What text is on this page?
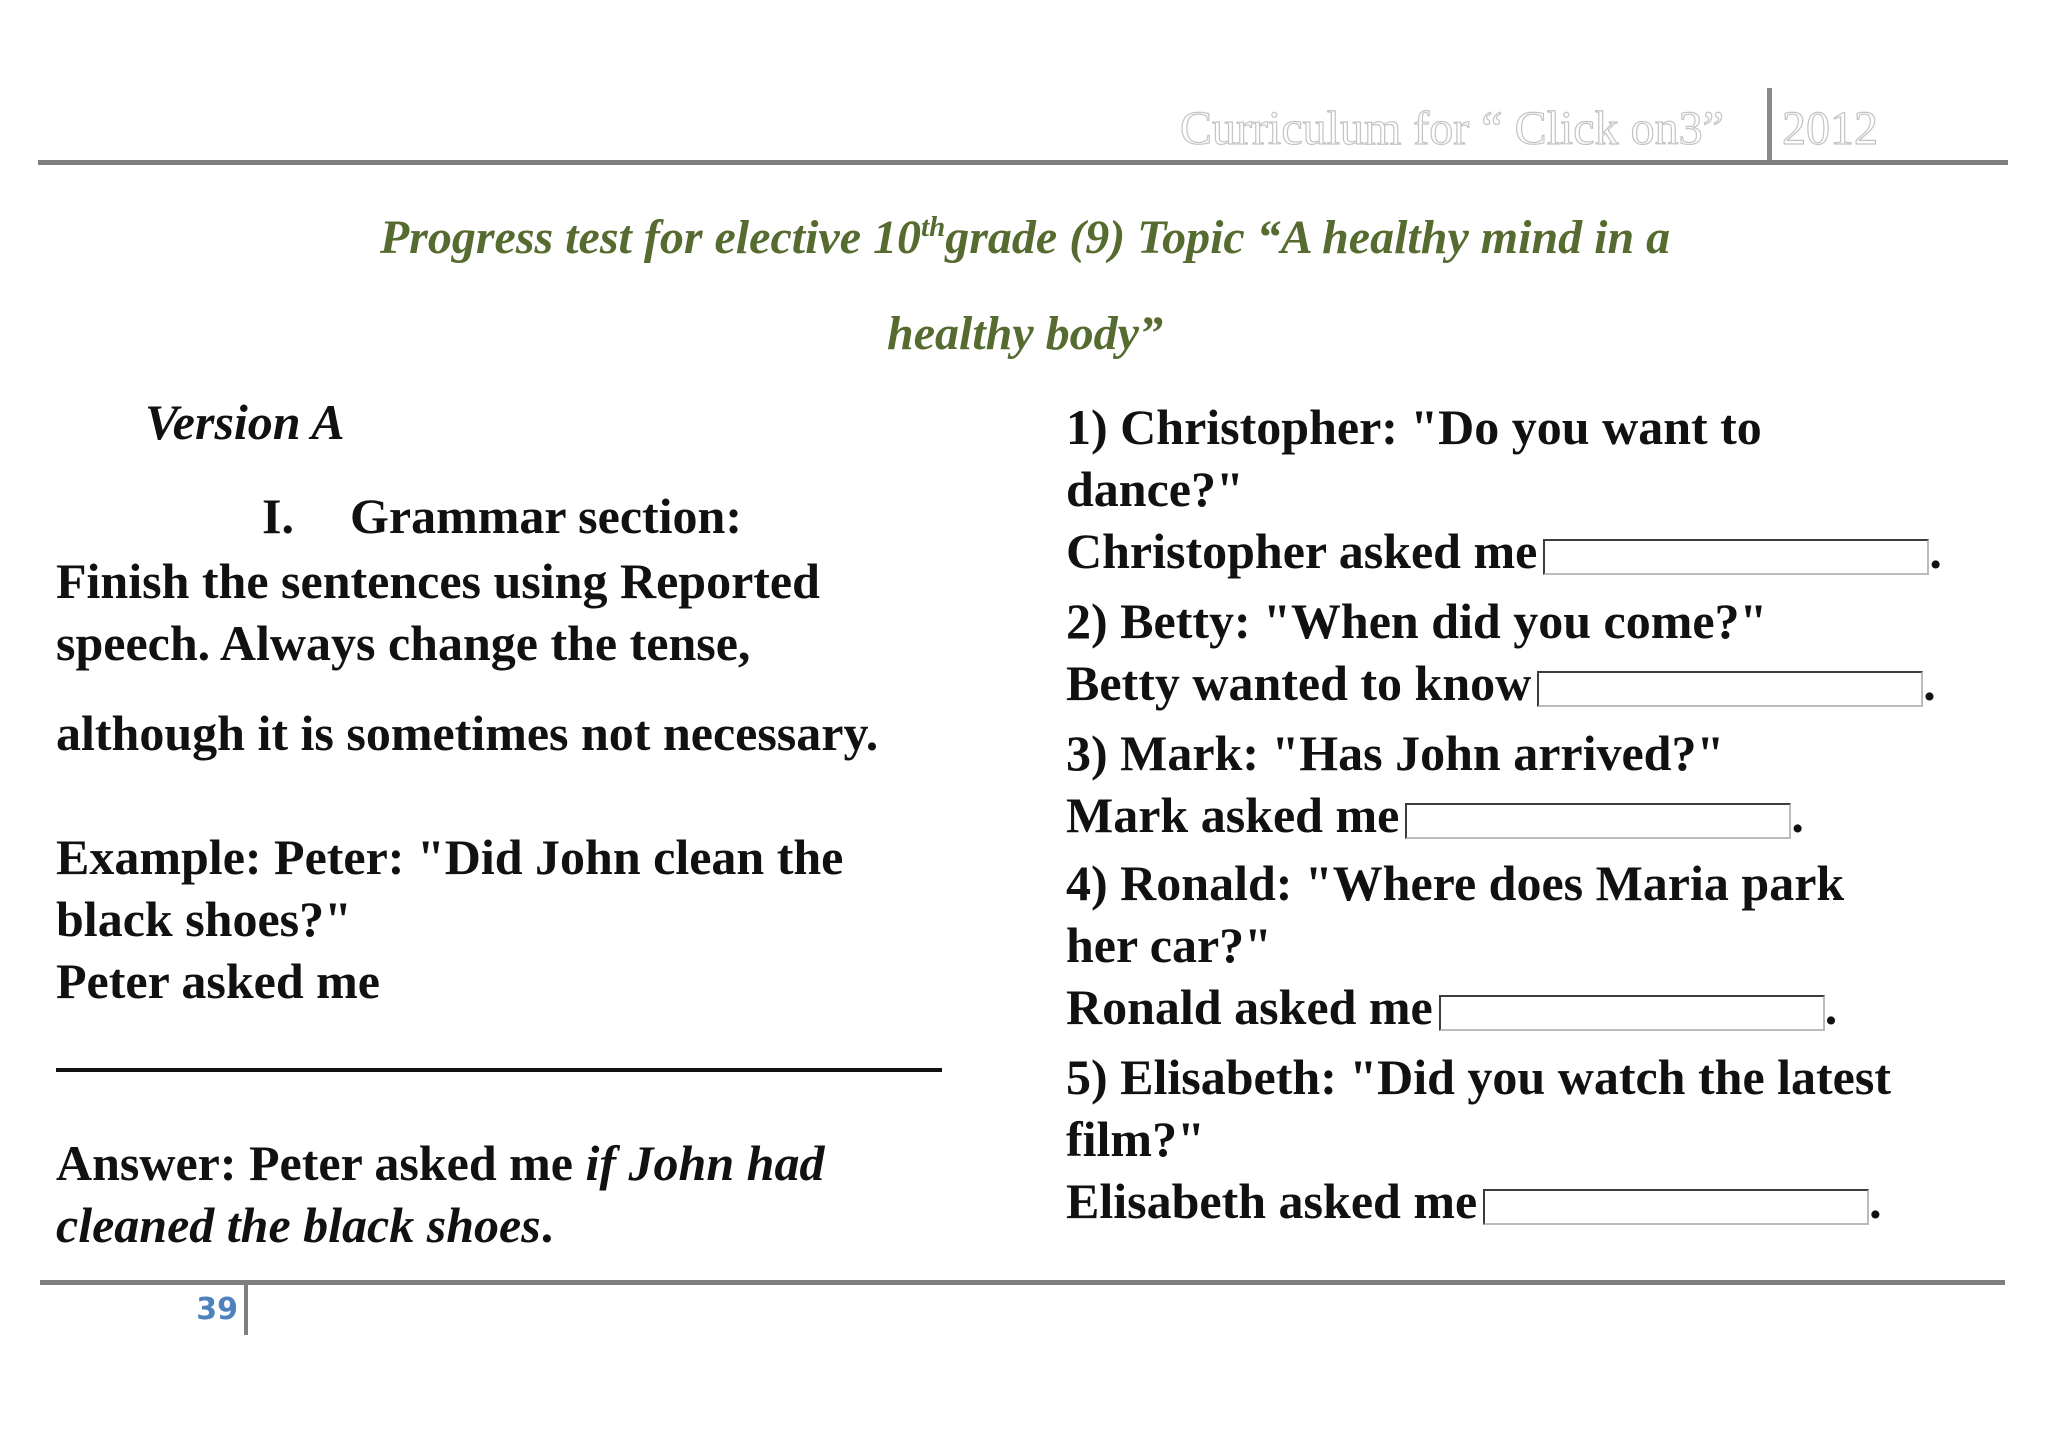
Curriculum for “ Click on3”	2012
Progress test for elective 10thgrade (9) Topic “A healthy mind in a
healthy body”
Version A
I. Grammar section:
Finish the sentences using Reported
speech. Always change the tense,
although it is sometimes not necessary.
Example: Peter: "Did John clean the
black shoes?"
Peter asked me
Answer: Peter asked me if John had
cleaned the black shoes.
1) Christopher: "Do you want to
dance?"
Christopher asked me	.
2) Betty: "When did you come?"
Betty wanted to know	.
3) Mark: "Has John arrived?"
Mark asked me	.
4) Ronald: "Where does Maria park
her car?"
Ronald asked me	.
5) Elisabeth: "Did you watch the latest
film?"
Elisabeth asked me	.
39
